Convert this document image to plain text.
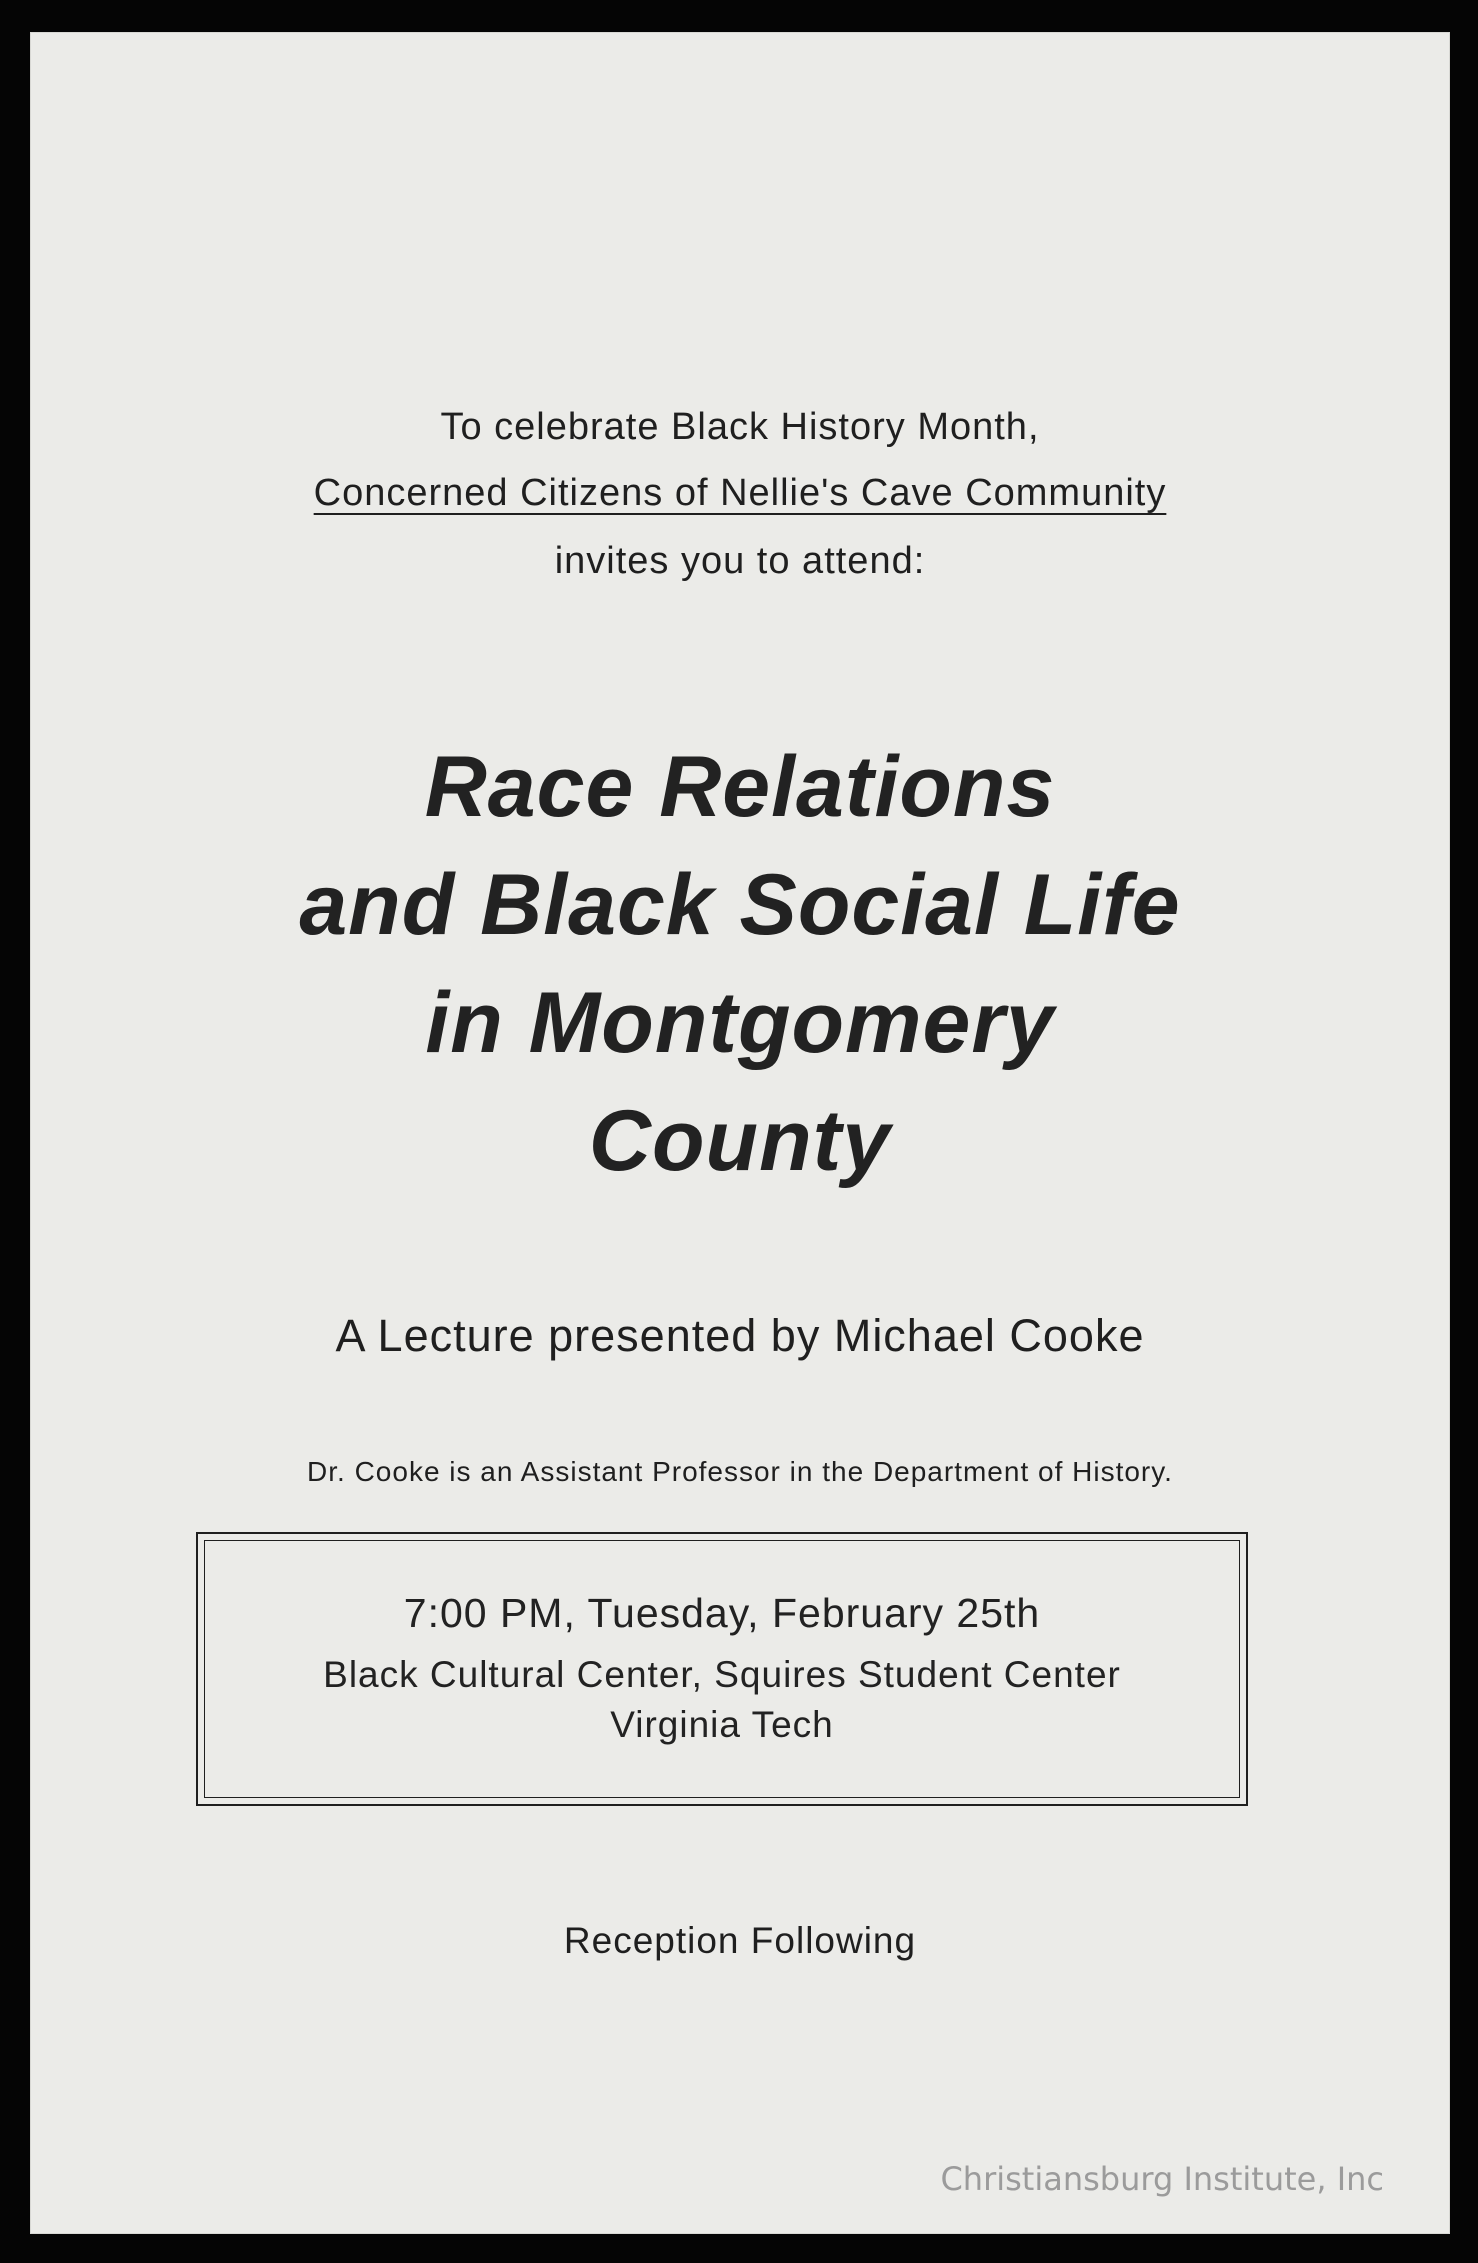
To celebrate Black History Month,
Concerned Citizens of Nellie's Cave Community
invites you to attend:
Race Relations
and Black Social Life
in Montgomery
County
A Lecture presented by Michael Cooke
Dr. Cooke is an Assistant Professor in the Department of History.
7:00 PM, Tuesday, February 25th
Black Cultural Center, Squires Student Center
Virginia Tech
Reception Following
Christiansburg Institute, Inc
